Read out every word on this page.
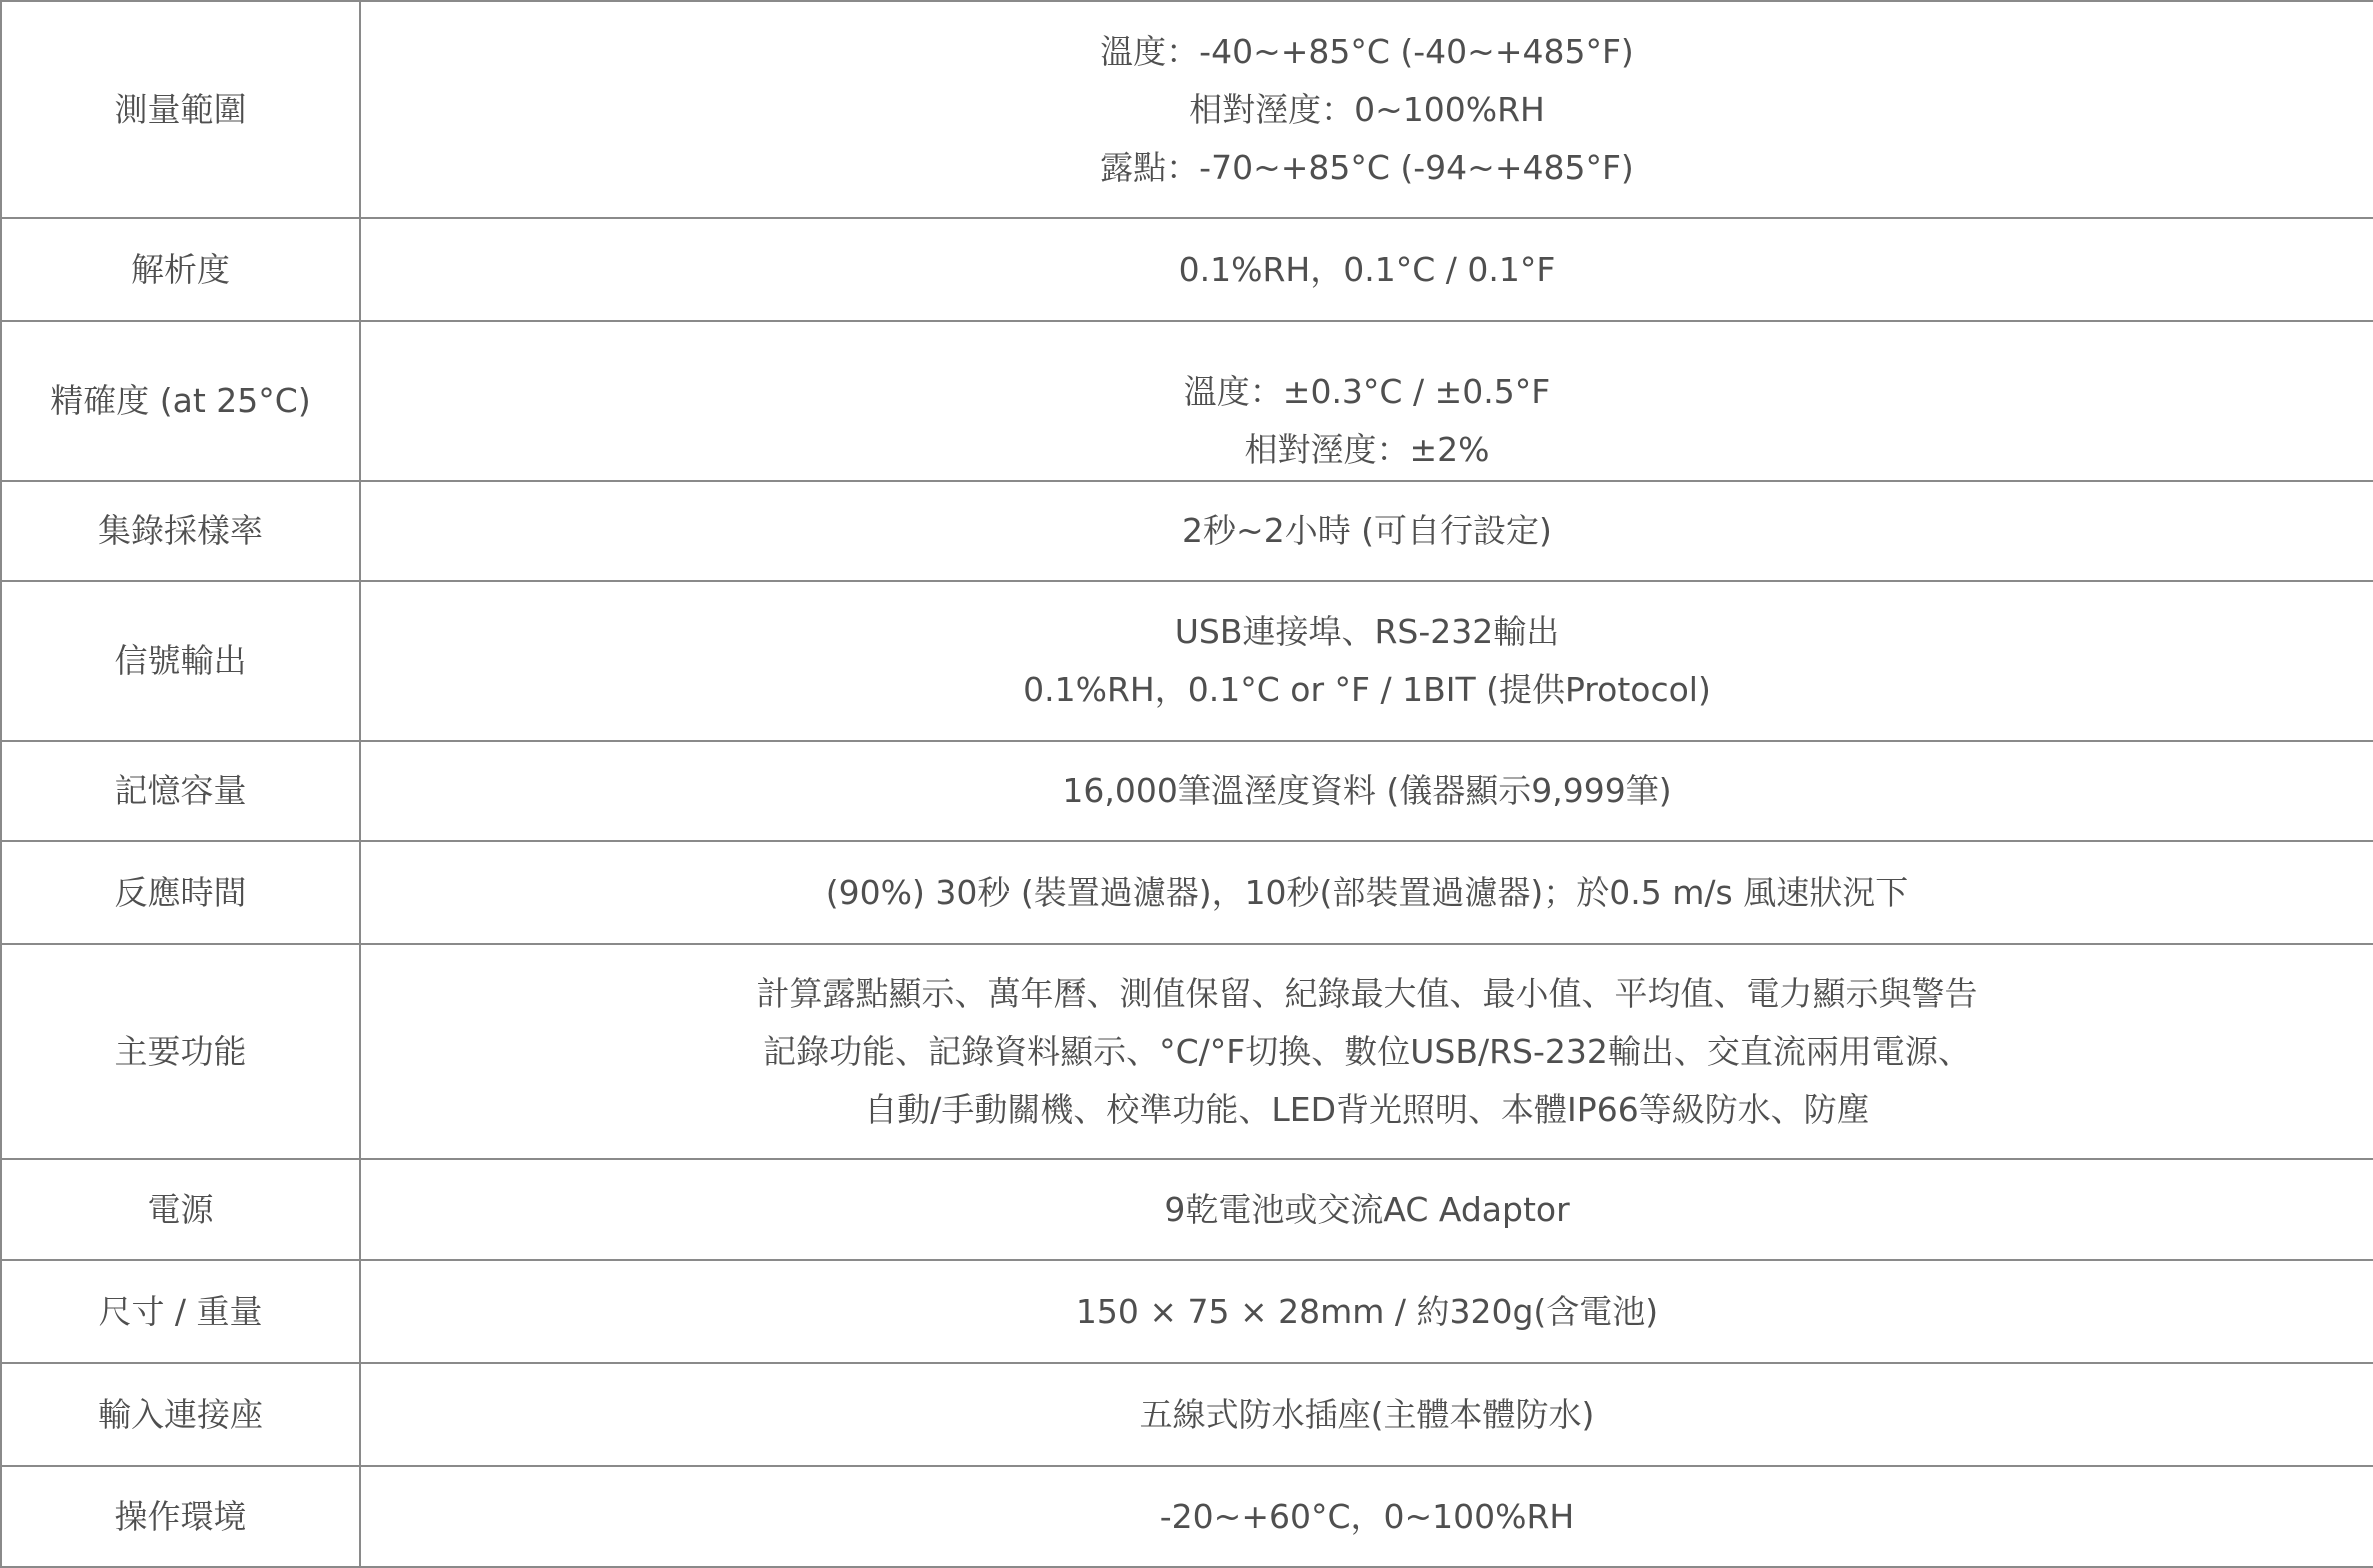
測量範圍	溫度：-40~+85°C (-40~+485°F)
相對溼度：0~100%RH
露點：-70~+85°C (-94~+485°F)

解析度	0.1%RH，0.1°C / 0.1°F

精確度 (at 25°C)	溫度：±0.3°C / ±0.5°F
相對溼度：±2%

集錄採樣率	2秒~2小時 (可自行設定)

信號輸出	USB連接埠、RS-232輸出
0.1%RH，0.1°C or °F / 1BIT (提供Protocol)

記憶容量	16,000筆溫溼度資料 (儀器顯示9,999筆)

反應時間	(90%) 30秒 (裝置過濾器)，10秒(部裝置過濾器)；於0.5 m/s 風速狀況下

主要功能	計算露點顯示、萬年曆、測值保留、紀錄最大值、最小值、平均值、電力顯示與警告
記錄功能、記錄資料顯示、°C/°F切換、數位USB/RS-232輸出、交直流兩用電源、
自動/手動關機、校準功能、LED背光照明、本體IP66等級防水、防塵

電源	9乾電池或交流AC Adaptor

尺寸 / 重量	150 × 75 × 28mm / 約320g(含電池)

輸入連接座	五線式防水插座(主體本體防水)

操作環境	-20~+60°C，0~100%RH
